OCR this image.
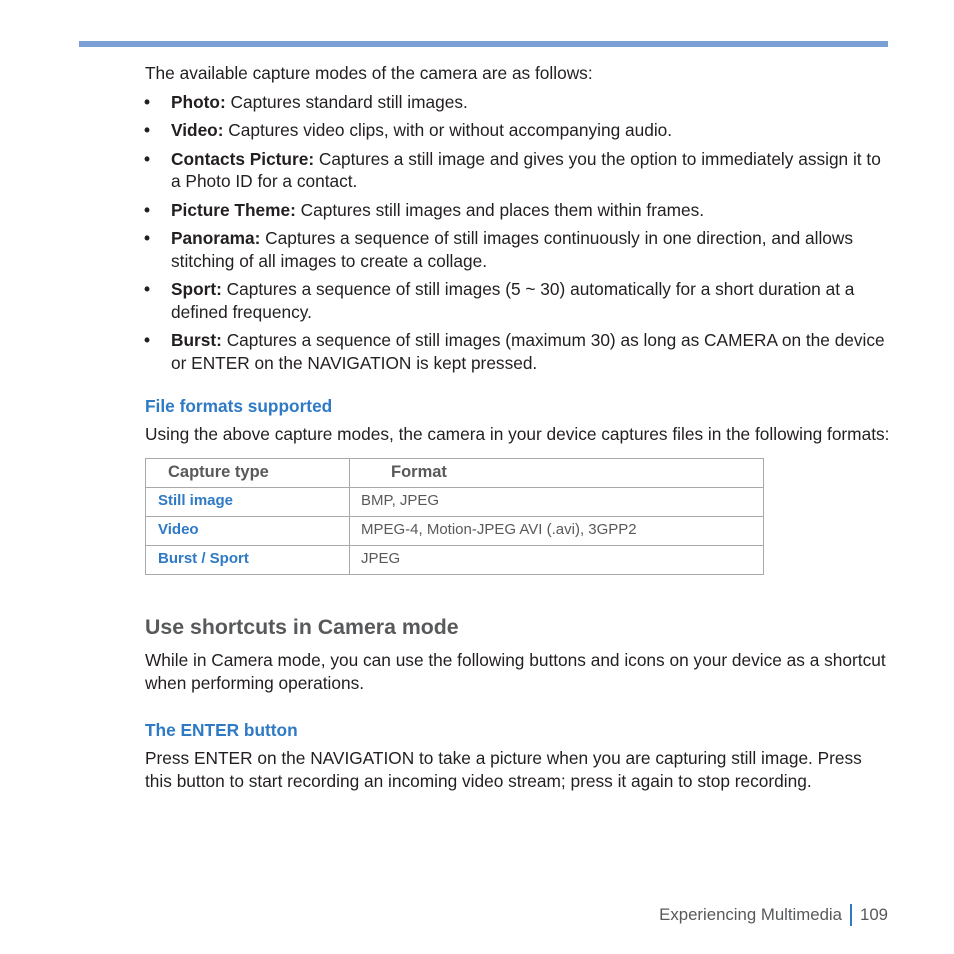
The available capture modes of the camera are as follows:

• Photo: Captures standard still images.
• Video: Captures video clips, with or without accompanying audio.
• Contacts Picture: Captures a still image and gives you the option to immediately assign it to a Photo ID for a contact.
• Picture Theme: Captures still images and places them within frames.
• Panorama: Captures a sequence of still images continuously in one direction, and allows stitching of all images to create a collage.
• Sport: Captures a sequence of still images (5 ~ 30) automatically for a short duration at a defined frequency.
• Burst: Captures a sequence of still images (maximum 30) as long as CAMERA on the device or ENTER on the NAVIGATION is kept pressed.
File formats supported

Using the above capture modes, the camera in your device captures files in the following formats:

Capture type	Format
Still image	BMP, JPEG
Video	MPEG-4, Motion-JPEG AVI (.avi), 3GPP2
Burst / Sport	JPEG
Use shortcuts in Camera mode

While in Camera mode, you can use the following buttons and icons on your device as a shortcut when performing operations.

The ENTER button

Press ENTER on the NAVIGATION to take a picture when you are capturing still image. Press this button to start recording an incoming video stream; press it again to stop recording.

Experiencing Multimedia 109
